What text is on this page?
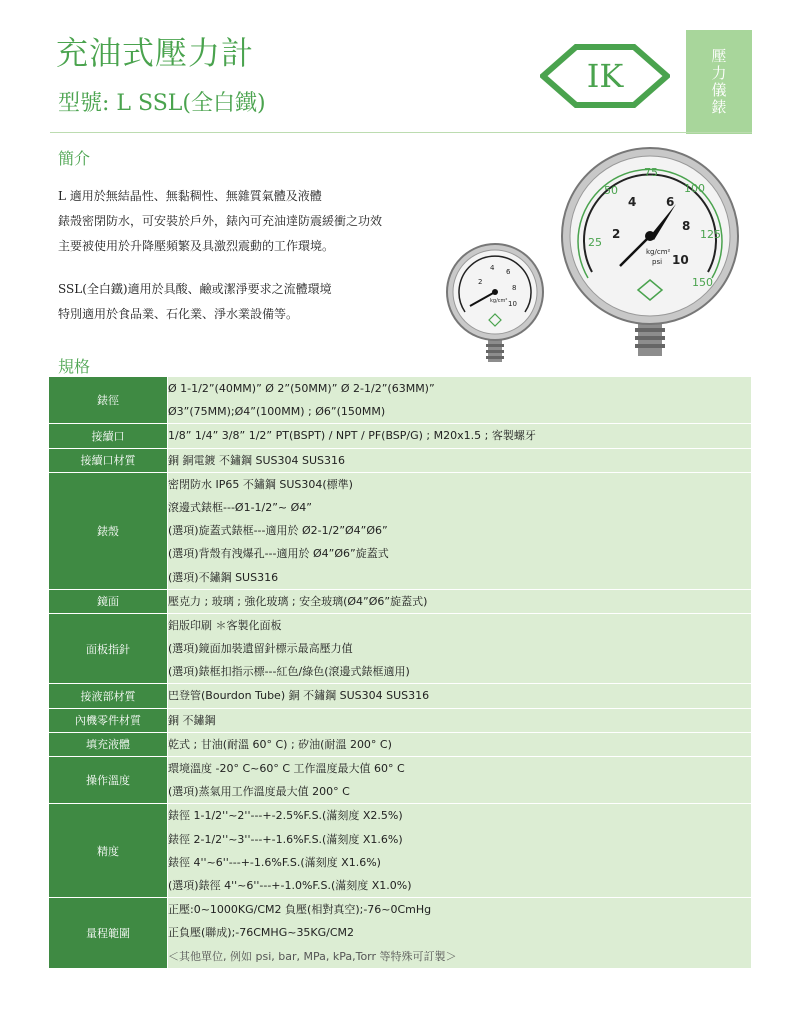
充油式壓力計
型號: L SSL(全白鐵)
IK
壓
力
儀
錶
簡介
L 適用於無結晶性、無黏稠性、無雜質氣體及液體
錶殼密閉防水，可安裝於戶外，錶內可充油達防震緩衝之功效
主要被使用於升降壓頻繁及具激烈震動的工作環境。
SSL(全白鐵)適用於具酸、鹼或潔淨要求之流體環境
特別適用於食品業、石化業、淨水業設備等。
2
4 6
8
10
kg/cm²
25
50
75
100
125
150
2
4 6
8
10
kg/cm²
psi
規格
錶徑	Ø 1-1/2”(40MM)” Ø 2”(50MM)” Ø 2-1/2”(63MM)”
Ø3”(75MM);Ø4”(100MM) ; Ø6”(150MM)

接續口	1/8” 1/4” 3/8” 1/2” PT(BSPT) / NPT / PF(BSP/G) ; M20x1.5 ; 客製螺牙

接續口材質	銅 銅電鍍 不鏽鋼 SUS304 SUS316

錶殼	密閉防水 IP65 不鏽鋼 SUS304(標準)
滾邊式錶框---Ø1-1/2”~ Ø4”
(選項)旋蓋式錶框---適用於 Ø2-1/2”Ø4”Ø6”
(選項)背殼有洩爆孔---適用於 Ø4”Ø6”旋蓋式
(選項)不鏽鋼 SUS316

鏡面	壓克力 ; 玻璃 ; 強化玻璃 ; 安全玻璃(Ø4”Ø6”旋蓋式)

面板指針	鋁版印刷 ＊客製化面板
(選項)鏡面加裝遺留針標示最高壓力值
(選項)錶框扣指示標---紅色/綠色(滾邊式錶框適用)

接液部材質	巴登管(Bourdon Tube) 銅 不鏽鋼 SUS304 SUS316

內機零件材質	銅 不鏽鋼

填充液體	乾式 ; 甘油(耐溫 60° C) ; 矽油(耐溫 200° C)

操作溫度	環境溫度 -20° C~60° C 工作溫度最大值 60° C
(選項)蒸氣用工作溫度最大值 200° C

精度	錶徑 1-1/2''~2''---+-2.5%F.S.(滿刻度 X2.5%)
錶徑 2-1/2''~3''---+-1.6%F.S.(滿刻度 X1.6%)
錶徑 4''~6''---+-1.6%F.S.(滿刻度 X1.6%)
(選項)錶徑 4''~6''---+-1.0%F.S.(滿刻度 X1.0%)

量程範圍	正壓:0~1000KG/CM2 負壓(相對真空);-76~0CmHg
正負壓(聯成);-76CMHG~35KG/CM2
＜其他單位, 例如 psi, bar, MPa, kPa,Torr 等特殊可訂製＞
